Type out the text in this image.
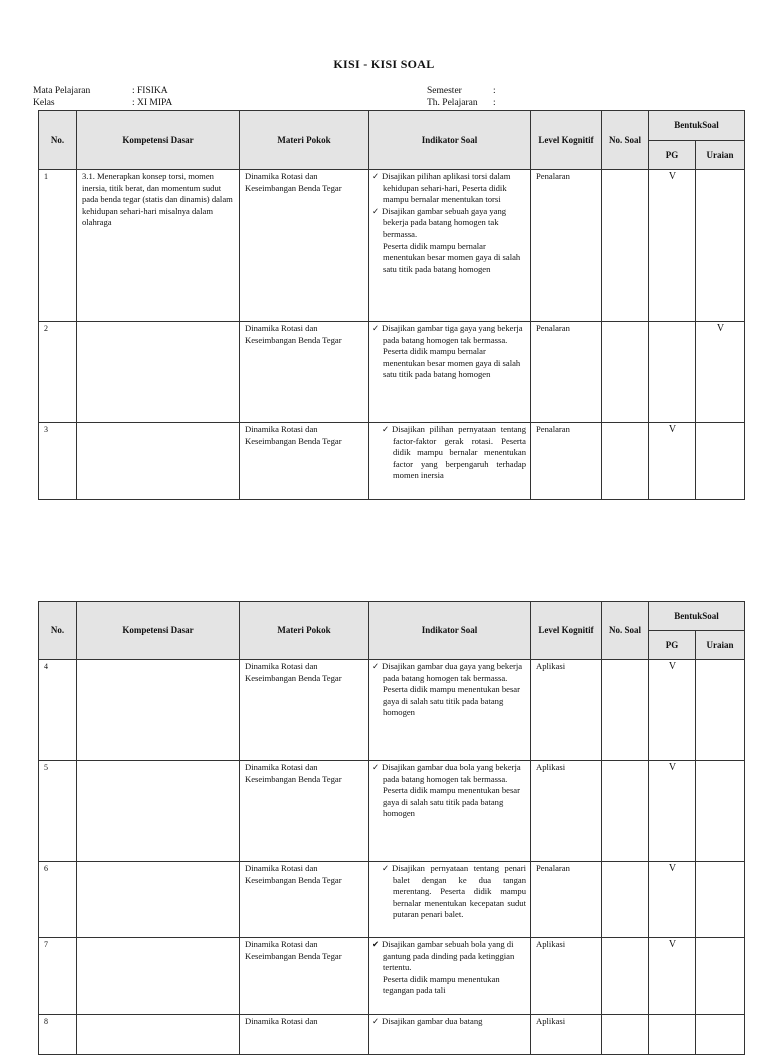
KISI - KISI SOAL
Mata Pelajaran	: FISIKA
Kelas	: XI MIPA
Semester	:
Th. Pelajaran :
No.	Kompetensi Dasar	Materi Pokok	Indikator Soal	Level Kognitif	No. Soal	BentukSoal	
						PG	Uraian
1	3.1. Menerapkan konsep torsi, momen inersia, titik berat, dan momentum sudut pada benda tegar (statis dan dinamis) dalam kehidupan sehari-hari misalnya dalam olahraga	Dinamika Rotasi dan Keseimbangan Benda Tegar	✓ Disajikan pilihan aplikasi torsi dalam kehidupan sehari-hari, Peserta didik mampu bernalar menentukan torsi
✓ Disajikan gambar sebuah gaya yang bekerja pada batang homogen tak bermassa.
Peserta didik mampu bernalar menentukan besar momen gaya di salah satu titik pada batang homogen	Penalaran		V	
2		Dinamika Rotasi dan Keseimbangan Benda Tegar	✓ Disajikan gambar tiga gaya yang bekerja pada batang homogen tak bermassa.
Peserta didik mampu bernalar menentukan besar momen gaya di salah satu titik pada batang homogen	Penalaran			V
3		Dinamika Rotasi dan Keseimbangan Benda Tegar	✓ Disajikan pilihan pernyataan tentang factor-faktor gerak rotasi. Peserta didik mampu bernalar menentukan factor yang berpengaruh terhadap momen inersia	Penalaran		V	
No.	Kompetensi Dasar	Materi Pokok	Indikator Soal	Level Kognitif	No. Soal	BentukSoal	
						PG	Uraian
4		Dinamika Rotasi dan Keseimbangan Benda Tegar	✓ Disajikan gambar dua gaya yang bekerja pada batang homogen tak bermassa.
Peserta didik mampu menentukan besar gaya di salah satu titik pada batang homogen	Aplikasi		V	
5		Dinamika Rotasi dan Keseimbangan Benda Tegar	✓ Disajikan gambar dua bola yang bekerja pada batang homogen tak bermassa.
Peserta didik mampu menentukan besar gaya di salah satu titik pada batang homogen	Aplikasi		V	
6		Dinamika Rotasi dan Keseimbangan Benda Tegar	✓ Disajikan pernyataan tentang penari balet dengan ke dua tangan merentang. Peserta didik mampu bernalar menentukan kecepatan sudut putaran penari balet.	Penalaran		V	
7		Dinamika Rotasi dan Keseimbangan Benda Tegar	✔ Disajikan gambar sebuah bola yang di gantung pada dinding pada ketinggian tertentu.
Peserta didik mampu menentukan tegangan pada tali	Aplikasi		V	
8		Dinamika Rotasi dan	✓ Disajikan gambar dua batang	Aplikasi			
